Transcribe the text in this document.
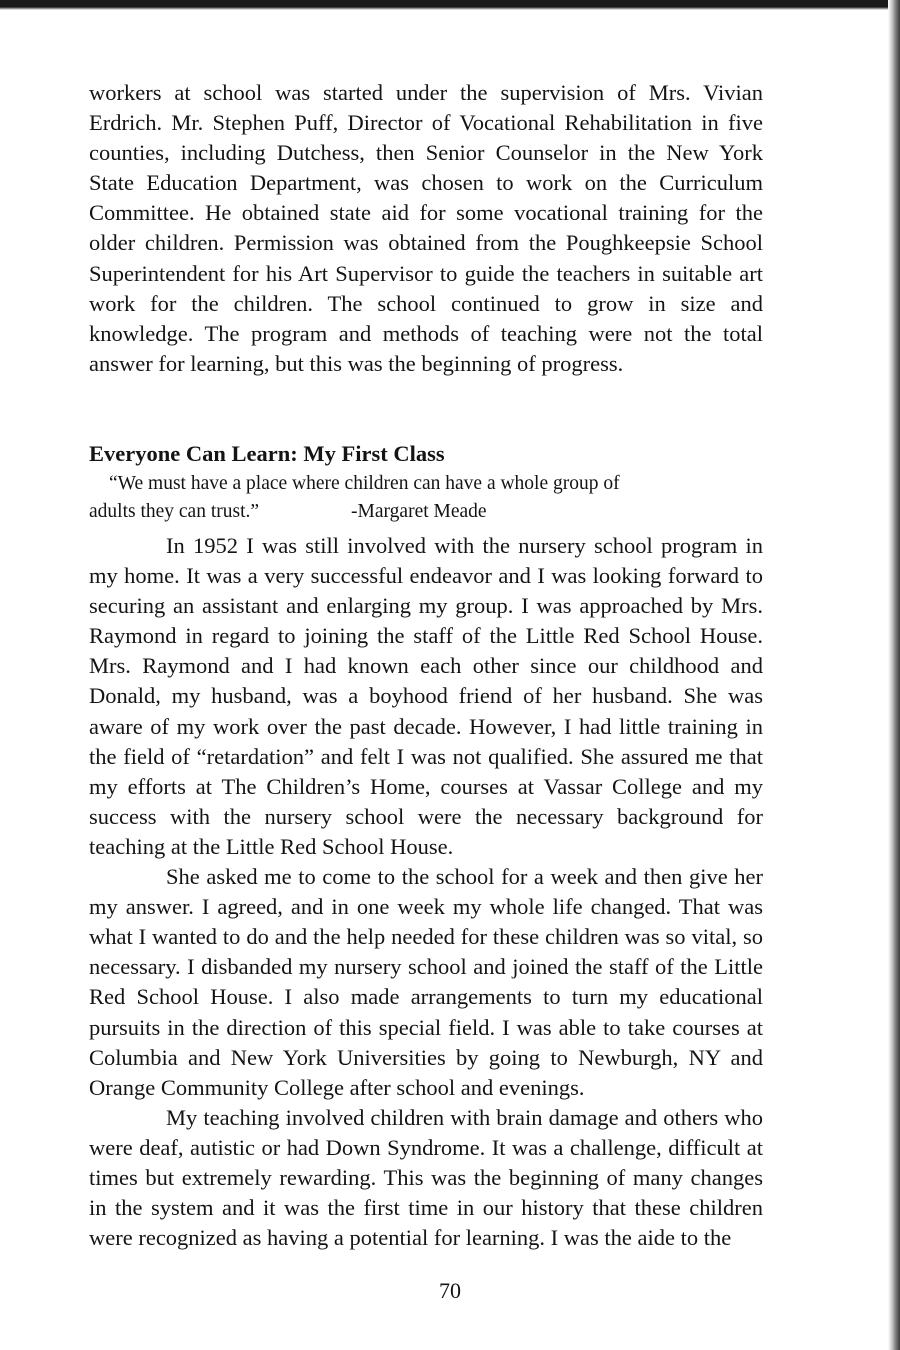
workers at school was started under the supervision of Mrs. Vivian Erdrich. Mr. Stephen Puff, Director of Vocational Rehabilitation in five counties, including Dutchess, then Senior Counselor in the New York State Education Department, was chosen to work on the Curriculum Committee. He obtained state aid for some vocational training for the older children. Permission was obtained from the Poughkeepsie School Superintendent for his Art Supervisor to guide the teachers in suitable art work for the children. The school continued to grow in size and knowledge. The program and methods of teaching were not the total answer for learning, but this was the beginning of progress.
Everyone Can Learn: My First Class
“We must have a place where children can have a whole group of
adults they can trust.”	-Margaret Meade

In 1952 I was still involved with the nursery school program in my home. It was a very successful endeavor and I was looking forward to securing an assistant and enlarging my group. I was approached by Mrs. Raymond in regard to joining the staff of the Little Red School House. Mrs. Raymond and I had known each other since our childhood and Donald, my husband, was a boyhood friend of her husband. She was aware of my work over the past decade. However, I had little training in the field of “retardation” and felt I was not qualified. She assured me that my efforts at The Children’s Home, courses at Vassar College and my success with the nursery school were the necessary background for teaching at the Little Red School House.

She asked me to come to the school for a week and then give her my answer. I agreed, and in one week my whole life changed. That was what I wanted to do and the help needed for these children was so vital, so necessary. I disbanded my nursery school and joined the staff of the Little Red School House. I also made arrangements to turn my educational pursuits in the direction of this special field. I was able to take courses at Columbia and New York Universities by going to Newburgh, NY and Orange Community College after school and evenings.

My teaching involved children with brain damage and others who were deaf, autistic or had Down Syndrome. It was a challenge, difficult at times but extremely rewarding. This was the beginning of many changes in the system and it was the first time in our history that these children were recognized as having a potential for learning. I was the aide to the

70
